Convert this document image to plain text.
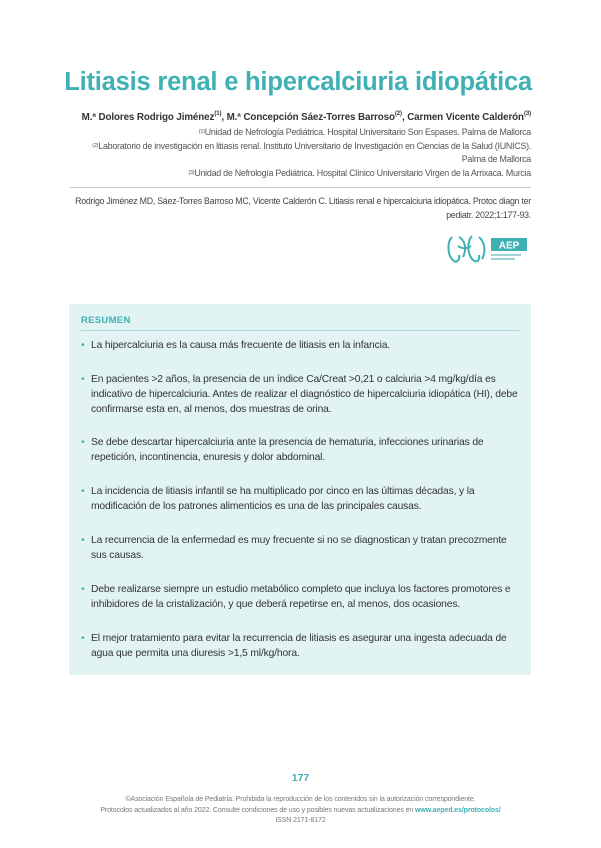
Litiasis renal e hipercalciuria idiopática
M.ª Dolores Rodrigo Jiménez$^{(1)}$, M.ª Concepción Sáez-Torres Barroso$^{(2)}$, Carmen Vicente Calderón$^{(3)}$
$^{(1)}$Unidad de Nefrología Pediátrica. Hospital Universitario Son Espases. Palma de Mallorca
$^{(2)}$Laboratorio de investigación en litiasis renal. Instituto Universitario de Investigación en Ciencias de la Salud (IUNICS). Palma de Mallorca
$^{(3)}$Unidad de Nefrología Pediátrica. Hospital Clínico Universitario Virgen de la Arrixaca. Murcia
Rodrigo Jiménez MD, Sáez-Torres Barroso MC, Vicente Calderón C. Litiasis renal e hipercalciuria idiopática. Protoc diagn ter pediatr. 2022;1:177-93.
AEP
RESUMEN
• La hipercalciuria es la causa más frecuente de litiasis en la infancia.
• En pacientes >2 años, la presencia de un índice Ca/Creat >0,21 o calciuria >4 mg/kg/día es indicativo de hipercalciuria. Antes de realizar el diagnóstico de hipercalciuria idiopática (HI), debe confirmarse esta en, al menos, dos muestras de orina.
• Se debe descartar hipercalciuria ante la presencia de hematuria, infecciones urinarias de repetición, incontinencia, enuresis y dolor abdominal.
• La incidencia de litiasis infantil se ha multiplicado por cinco en las últimas décadas, y la modificación de los patrones alimenticios es una de las principales causas.
• La recurrencia de la enfermedad es muy frecuente si no se diagnostican y tratan precozmente sus causas.
• Debe realizarse siempre un estudio metabólico completo que incluya los factores promotores e inhibidores de la cristalización, y que deberá repetirse en, al menos, dos ocasiones.
• El mejor tratamiento para evitar la recurrencia de litiasis es asegurar una ingesta adecuada de agua que permita una diuresis >1,5 ml/kg/hora.
177
©Asociación Española de Pediatría. Prohibida la reproducción de los contenidos sin la autorización correspondiente.
Protocolos actualizados al año 2022. Consulte condiciones de uso y posibles nuevas actualizaciones en www.aeped.es/protocolos/
ISSN 2171-8172
